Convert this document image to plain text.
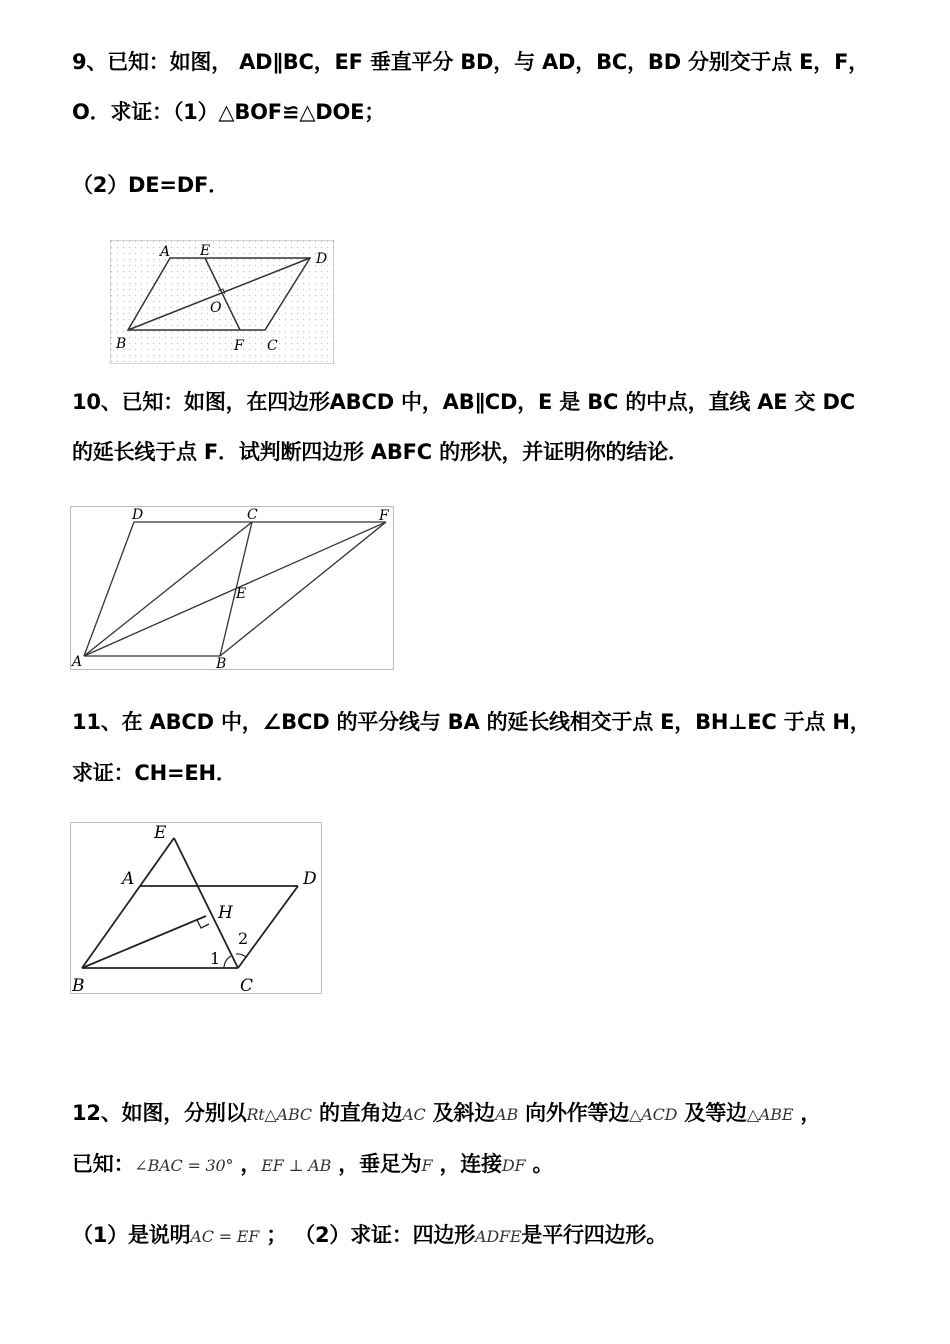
9、已知：如图， AD∥BC，EF 垂直平分 BD，与 AD，BC，BD 分别交于点 E，F，
O．求证：（1）△BOF≌△DOE；
（2）DE=DF．
A E	D
O
B	F C
10、已知：如图，在四边形ABCD 中，AB∥CD，E 是 BC 的中点，直线 AE 交 DC
的延长线于点 F．试判断四边形 ABFC 的形状，并证明你的结论．
D	C	F
E
A	B
11、在 ABCD 中，∠BCD 的平分线与 BA 的延长线相交于点 E，BH⊥EC 于点 H，
求证：CH=EH．
E
A	D
H
B	C
1
2
12、如图，分别以Rt△ABC 的直角边AC 及斜边AB 向外作等边△ACD 及等边△ABE ，
已知：∠BAC = 30° ，EF ⊥ AB ，垂足为F ，连接DF 。
（1）是说明AC = EF ； （2）求证：四边形ADFE是平行四边形。
